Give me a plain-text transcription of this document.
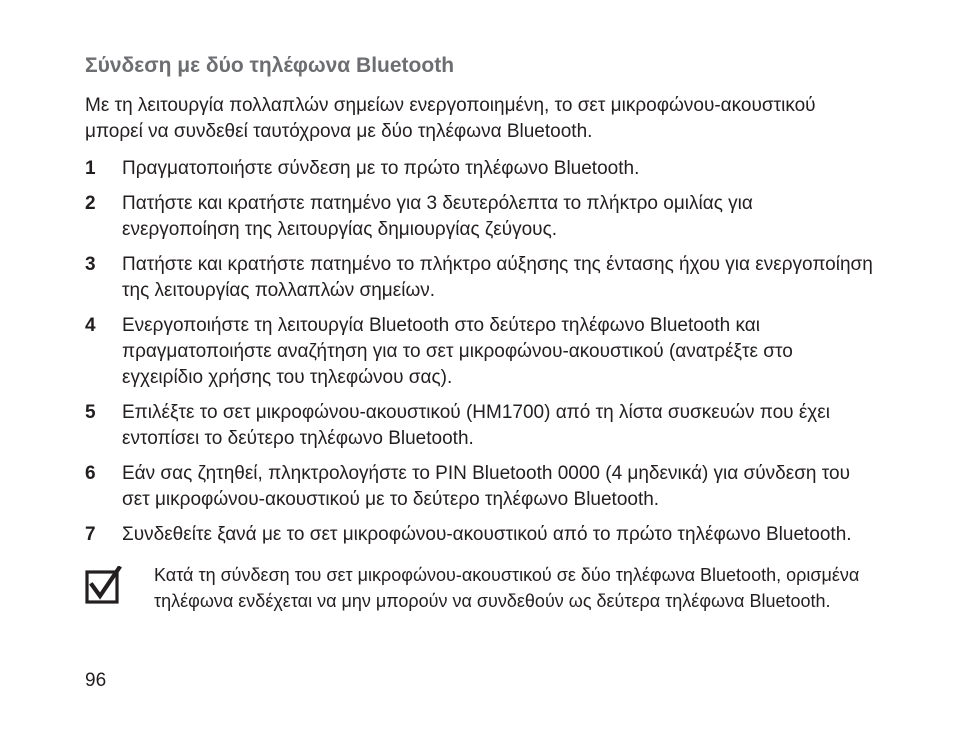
Σύνδεση με δύο τηλέφωνα Bluetooth

Με τη λειτουργία πολλαπλών σημείων ενεργοποιημένη, το σετ μικροφώνου-ακουστικού μπορεί να συνδεθεί ταυτόχρονα με δύο τηλέφωνα Bluetooth.

1	Πραγματοποιήστε σύνδεση με το πρώτο τηλέφωνο Bluetooth.
2	Πατήστε και κρατήστε πατημένο για 3 δευτερόλεπτα το πλήκτρο ομιλίας για ενεργοποίηση της λειτουργίας δημιουργίας ζεύγους.
3	Πατήστε και κρατήστε πατημένο το πλήκτρο αύξησης της έντασης ήχου για ενεργοποίηση της λειτουργίας πολλαπλών σημείων.
4	Ενεργοποιήστε τη λειτουργία Bluetooth στο δεύτερο τηλέφωνο Bluetooth και πραγματοποιήστε αναζήτηση για το σετ μικροφώνου-ακουστικού (ανατρέξτε στο εγχειρίδιο χρήσης του τηλεφώνου σας).
5	Επιλέξτε το σετ μικροφώνου-ακουστικού (HM1700) από τη λίστα συσκευών που έχει εντοπίσει το δεύτερο τηλέφωνο Bluetooth.
6	Εάν σας ζητηθεί, πληκτρολογήστε το PIN Bluetooth 0000 (4 μηδενικά) για σύνδεση του σετ μικροφώνου-ακουστικού με το δεύτερο τηλέφωνο Bluetooth.
7	Συνδεθείτε ξανά με το σετ μικροφώνου-ακουστικού από το πρώτο τηλέφωνο Bluetooth.
Κατά τη σύνδεση του σετ μικροφώνου-ακουστικού σε δύο τηλέφωνα Bluetooth, ορισμένα τηλέφωνα ενδέχεται να μην μπορούν να συνδεθούν ως δεύτερα τηλέφωνα Bluetooth.
96
